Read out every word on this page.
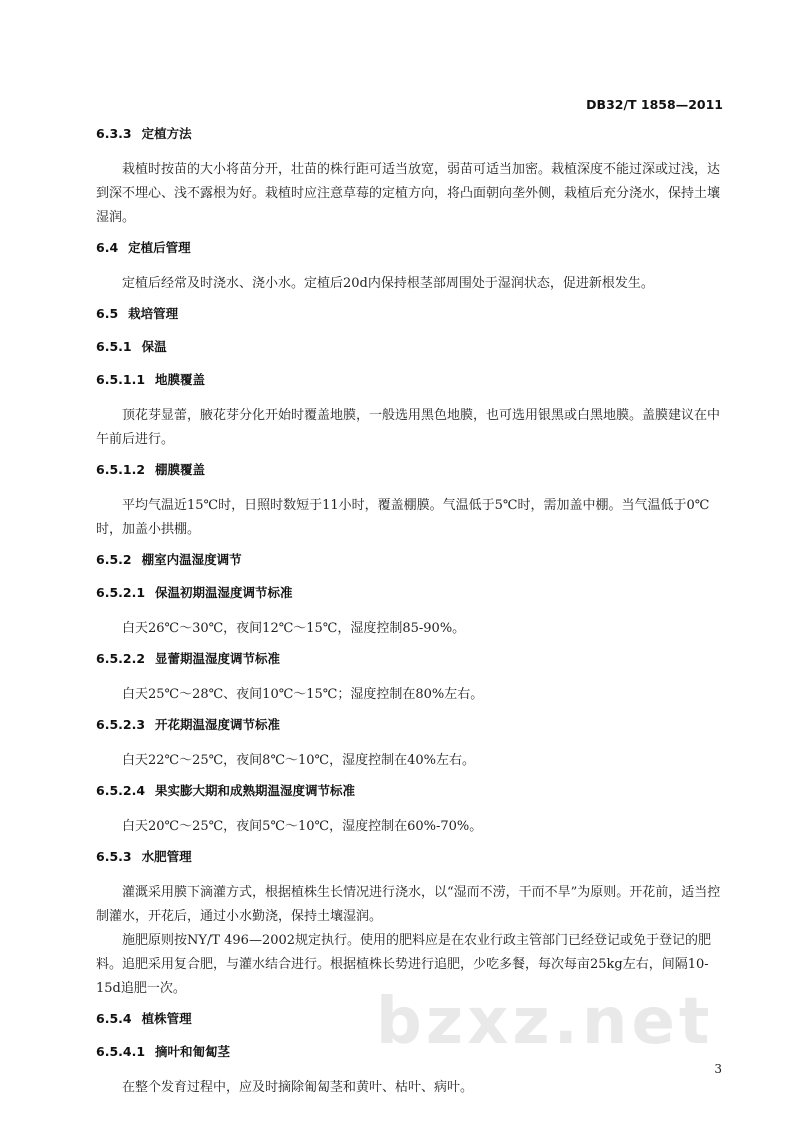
DB32/T 1858—2011
6.3.3 定植方法
栽植时按苗的大小将苗分开，壮苗的株行距可适当放宽，弱苗可适当加密。栽植深度不能过深或过浅，达到深不埋心、浅不露根为好。栽植时应注意草莓的定植方向，将凸面朝向垄外侧，栽植后充分浇水，保持土壤湿润。
6.4 定植后管理
定植后经常及时浇水、浇小水。定植后20d内保持根茎部周围处于湿润状态，促进新根发生。
6.5 栽培管理
6.5.1 保温
6.5.1.1 地膜覆盖
顶花芽显蕾，腋花芽分化开始时覆盖地膜，一般选用黑色地膜，也可选用银黑或白黑地膜。盖膜建议在中午前后进行。
6.5.1.2 棚膜覆盖
平均气温近15℃时，日照时数短于11小时，覆盖棚膜。气温低于5℃时，需加盖中棚。当气温低于0℃时，加盖小拱棚。
6.5.2 棚室内温湿度调节
6.5.2.1 保温初期温湿度调节标准
白天26℃～30℃，夜间12℃～15℃，湿度控制85-90%。
6.5.2.2 显蕾期温湿度调节标准
白天25℃～28℃、夜间10℃～15℃；湿度控制在80%左右。
6.5.2.3 开花期温湿度调节标准
白天22℃～25℃，夜间8℃～10℃，湿度控制在40%左右。
6.5.2.4 果实膨大期和成熟期温湿度调节标准
白天20℃～25℃，夜间5℃～10℃，湿度控制在60%-70%。
6.5.3 水肥管理
灌溉采用膜下滴灌方式，根据植株生长情况进行浇水，以“湿而不涝，干而不旱”为原则。开花前，适当控制灌水，开花后，通过小水勤浇，保持土壤湿润。
施肥原则按NY/T 496—2002规定执行。使用的肥料应是在农业行政主管部门已经登记或免于登记的肥料。追肥采用复合肥，与灌水结合进行。根据植株长势进行追肥，少吃多餐，每次每亩25kg左右，间隔10-15d追肥一次。
6.5.4 植株管理
6.5.4.1 摘叶和匍匐茎
在整个发育过程中，应及时摘除匍匐茎和黄叶、枯叶、病叶。
bzxz.net
3
